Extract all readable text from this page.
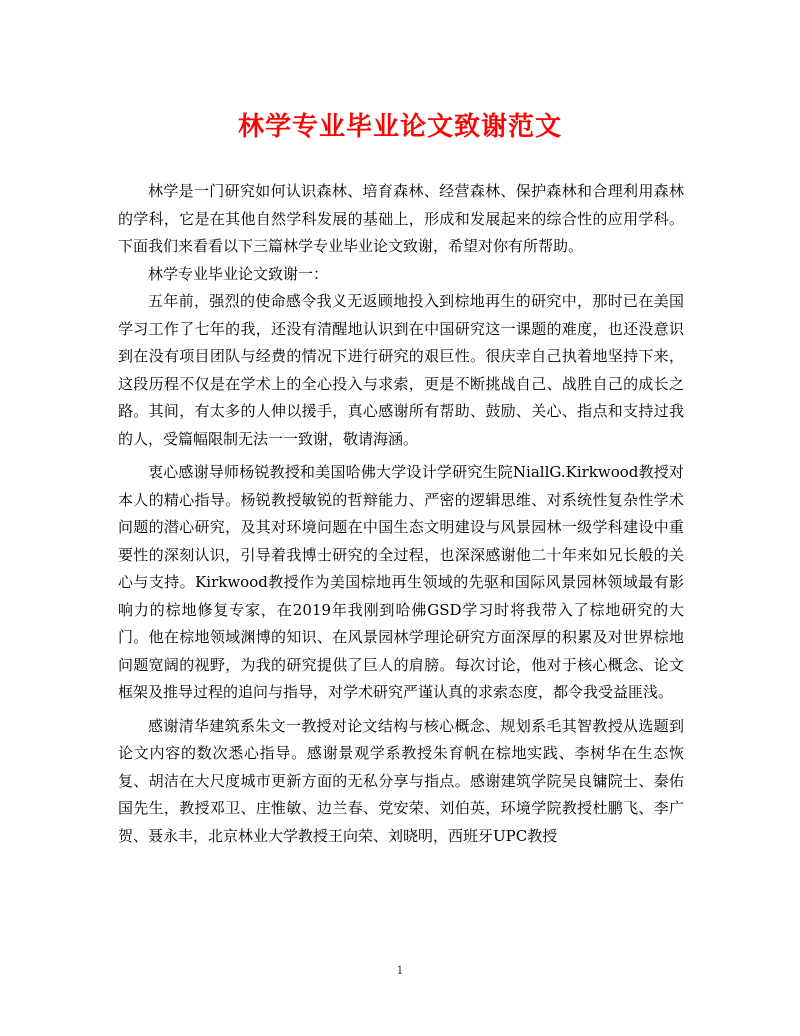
林学专业毕业论文致谢范文

林学是一门研究如何认识森林、培育森林、经营森林、保护森林和合理利用森林的学科，它是在其他自然学科发展的基础上，形成和发展起来的综合性的应用学科。下面我们来看看以下三篇林学专业毕业论文致谢，希望对你有所帮助。

林学专业毕业论文致谢一：

五年前，强烈的使命感令我义无返顾地投入到棕地再生的研究中，那时已在美国学习工作了七年的我，还没有清醒地认识到在中国研究这一课题的难度，也还没意识到在没有项目团队与经费的情况下进行研究的艰巨性。很庆幸自己执着地坚持下来，这段历程不仅是在学术上的全心投入与求索，更是不断挑战自己、战胜自己的成长之路。其间，有太多的人伸以援手，真心感谢所有帮助、鼓励、关心、指点和支持过我的人，受篇幅限制无法一一致谢，敬请海涵。

衷心感谢导师杨锐教授和美国哈佛大学设计学研究生院NiallG.Kirkwood教授对本人的精心指导。杨锐教授敏锐的哲辩能力、严密的逻辑思维、对系统性复杂性学术问题的潜心研究，及其对环境问题在中国生态文明建设与风景园林一级学科建设中重要性的深刻认识，引导着我博士研究的全过程，也深深感谢他二十年来如兄长般的关心与支持。Kirkwood教授作为美国棕地再生领域的先驱和国际风景园林领域最有影响力的棕地修复专家，在2019年我刚到哈佛GSD学习时将我带入了棕地研究的大门。他在棕地领域渊博的知识、在风景园林学理论研究方面深厚的积累及对世界棕地问题宽阔的视野，为我的研究提供了巨人的肩膀。每次讨论，他对于核心概念、论文框架及推导过程的追问与指导，对学术研究严谨认真的求索态度，都令我受益匪浅。

感谢清华建筑系朱文一教授对论文结构与核心概念、规划系毛其智教授从选题到论文内容的数次悉心指导。感谢景观学系教授朱育帆在棕地实践、李树华在生态恢复、胡洁在大尺度城市更新方面的无私分享与指点。感谢建筑学院吴良镛院士、秦佑国先生，教授邓卫、庄惟敏、边兰春、党安荣、刘伯英，环境学院教授杜鹏飞、李广贺、聂永丰，北京林业大学教授王向荣、刘晓明，西班牙UPC教授

1
